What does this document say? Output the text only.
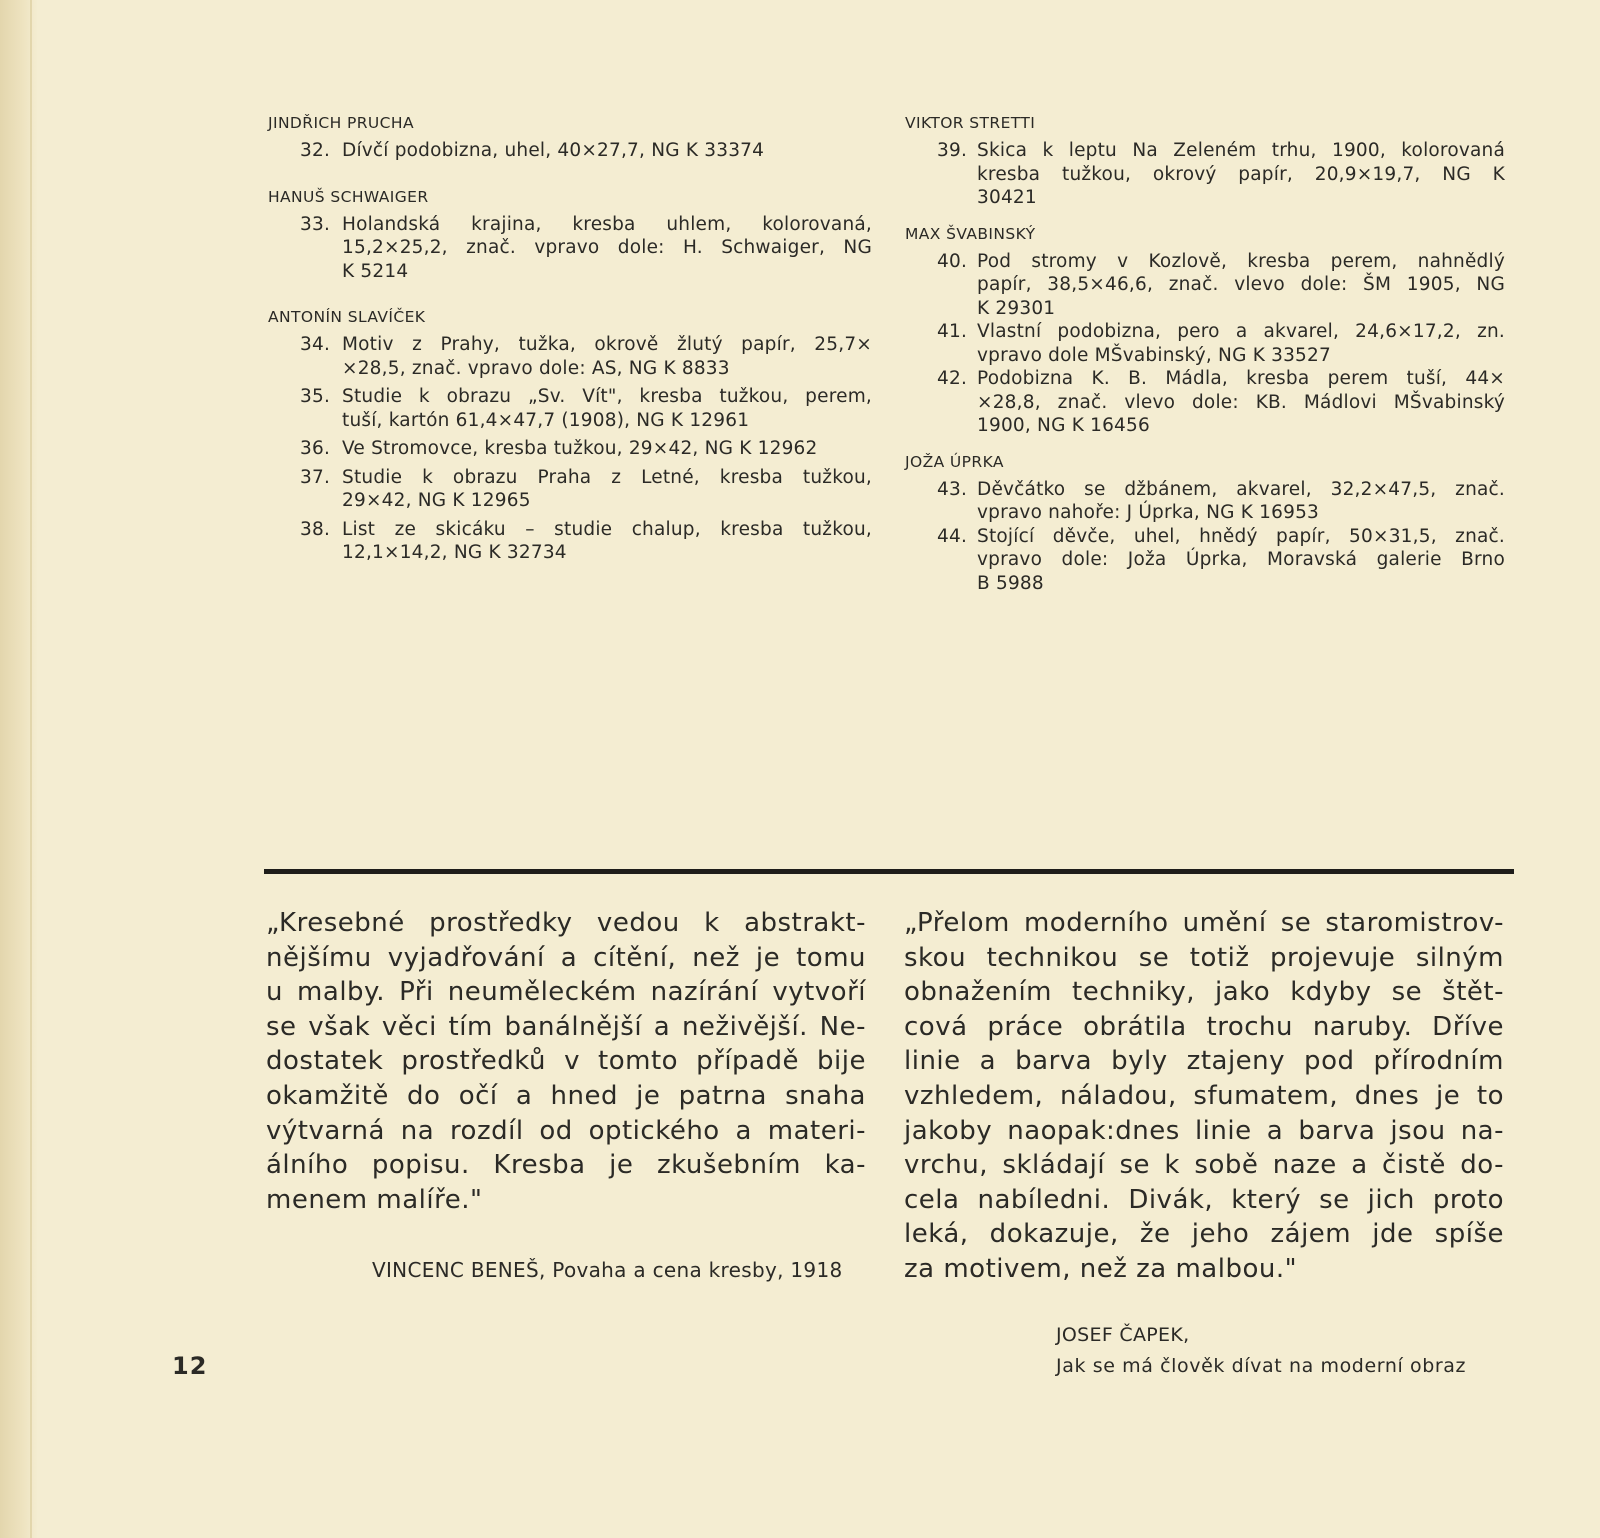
JINDŘICH PRUCHA
32. Dívčí podobizna, uhel, 40×27,7, NG K 33374
HANUŠ SCHWAIGER
33. Holandská krajina, kresba uhlem, kolorovaná,
15,2×25,2, znač. vpravo dole: H. Schwaiger, NG
K 5214
ANTONÍN SLAVÍČEK
34. Motiv z Prahy, tužka, okrově žlutý papír, 25,7×
×28,5, znač. vpravo dole: AS, NG K 8833
35. Studie k obrazu „Sv. Vít", kresba tužkou, perem,
tuší, kartón 61,4×47,7 (1908), NG K 12961
36. Ve Stromovce, kresba tužkou, 29×42, NG K 12962
37. Studie k obrazu Praha z Letné, kresba tužkou,
29×42, NG K 12965
38. List ze skicáku – studie chalup, kresba tužkou,
12,1×14,2, NG K 32734
VIKTOR STRETTI
39. Skica k leptu Na Zeleném trhu, 1900, kolorovaná
kresba tužkou, okrový papír, 20,9×19,7, NG K
30421
MAX ŠVABINSKÝ
40. Pod stromy v Kozlově, kresba perem, nahnědlý
papír, 38,5×46,6, znač. vlevo dole: ŠM 1905, NG
K 29301
41. Vlastní podobizna, pero a akvarel, 24,6×17,2, zn.
vpravo dole MŠvabinský, NG K 33527
42. Podobizna K. B. Mádla, kresba perem tuší, 44×
×28,8, znač. vlevo dole: KB. Mádlovi MŠvabinský
1900, NG K 16456
JOŽA ÚPRKA
43. Děvčátko se džbánem, akvarel, 32,2×47,5, znač.
vpravo nahoře: J Úprka, NG K 16953
44. Stojící děvče, uhel, hnědý papír, 50×31,5, znač.
vpravo dole: Joža Úprka, Moravská galerie Brno
B 5988
„Kresebné prostředky vedou k abstrakt-
nějšímu vyjadřování a cítění, než je tomu
u malby. Při neuměleckém nazírání vytvoří
se však věci tím banálnější a neživější. Ne-
dostatek prostředků v tomto případě bije
okamžitě do očí a hned je patrna snaha
výtvarná na rozdíl od optického a materi-
álního popisu. Kresba je zkušebním ka-
menem malíře."
VINCENC BENEŠ, Povaha a cena kresby, 1918
„Přelom moderního umění se staromistrov-
skou technikou se totiž projevuje silným
obnažením techniky, jako kdyby se štět-
cová práce obrátila trochu naruby. Dříve
linie a barva byly ztajeny pod přírodním
vzhledem, náladou, sfumatem, dnes je to
jakoby naopak:dnes linie a barva jsou na-
vrchu, skládají se k sobě naze a čistě do-
cela nabíledni. Divák, který se jich proto
leká, dokazuje, že jeho zájem jde spíše
za motivem, než za malbou."
JOSEF ČAPEK,
Jak se má člověk dívat na moderní obraz
12
